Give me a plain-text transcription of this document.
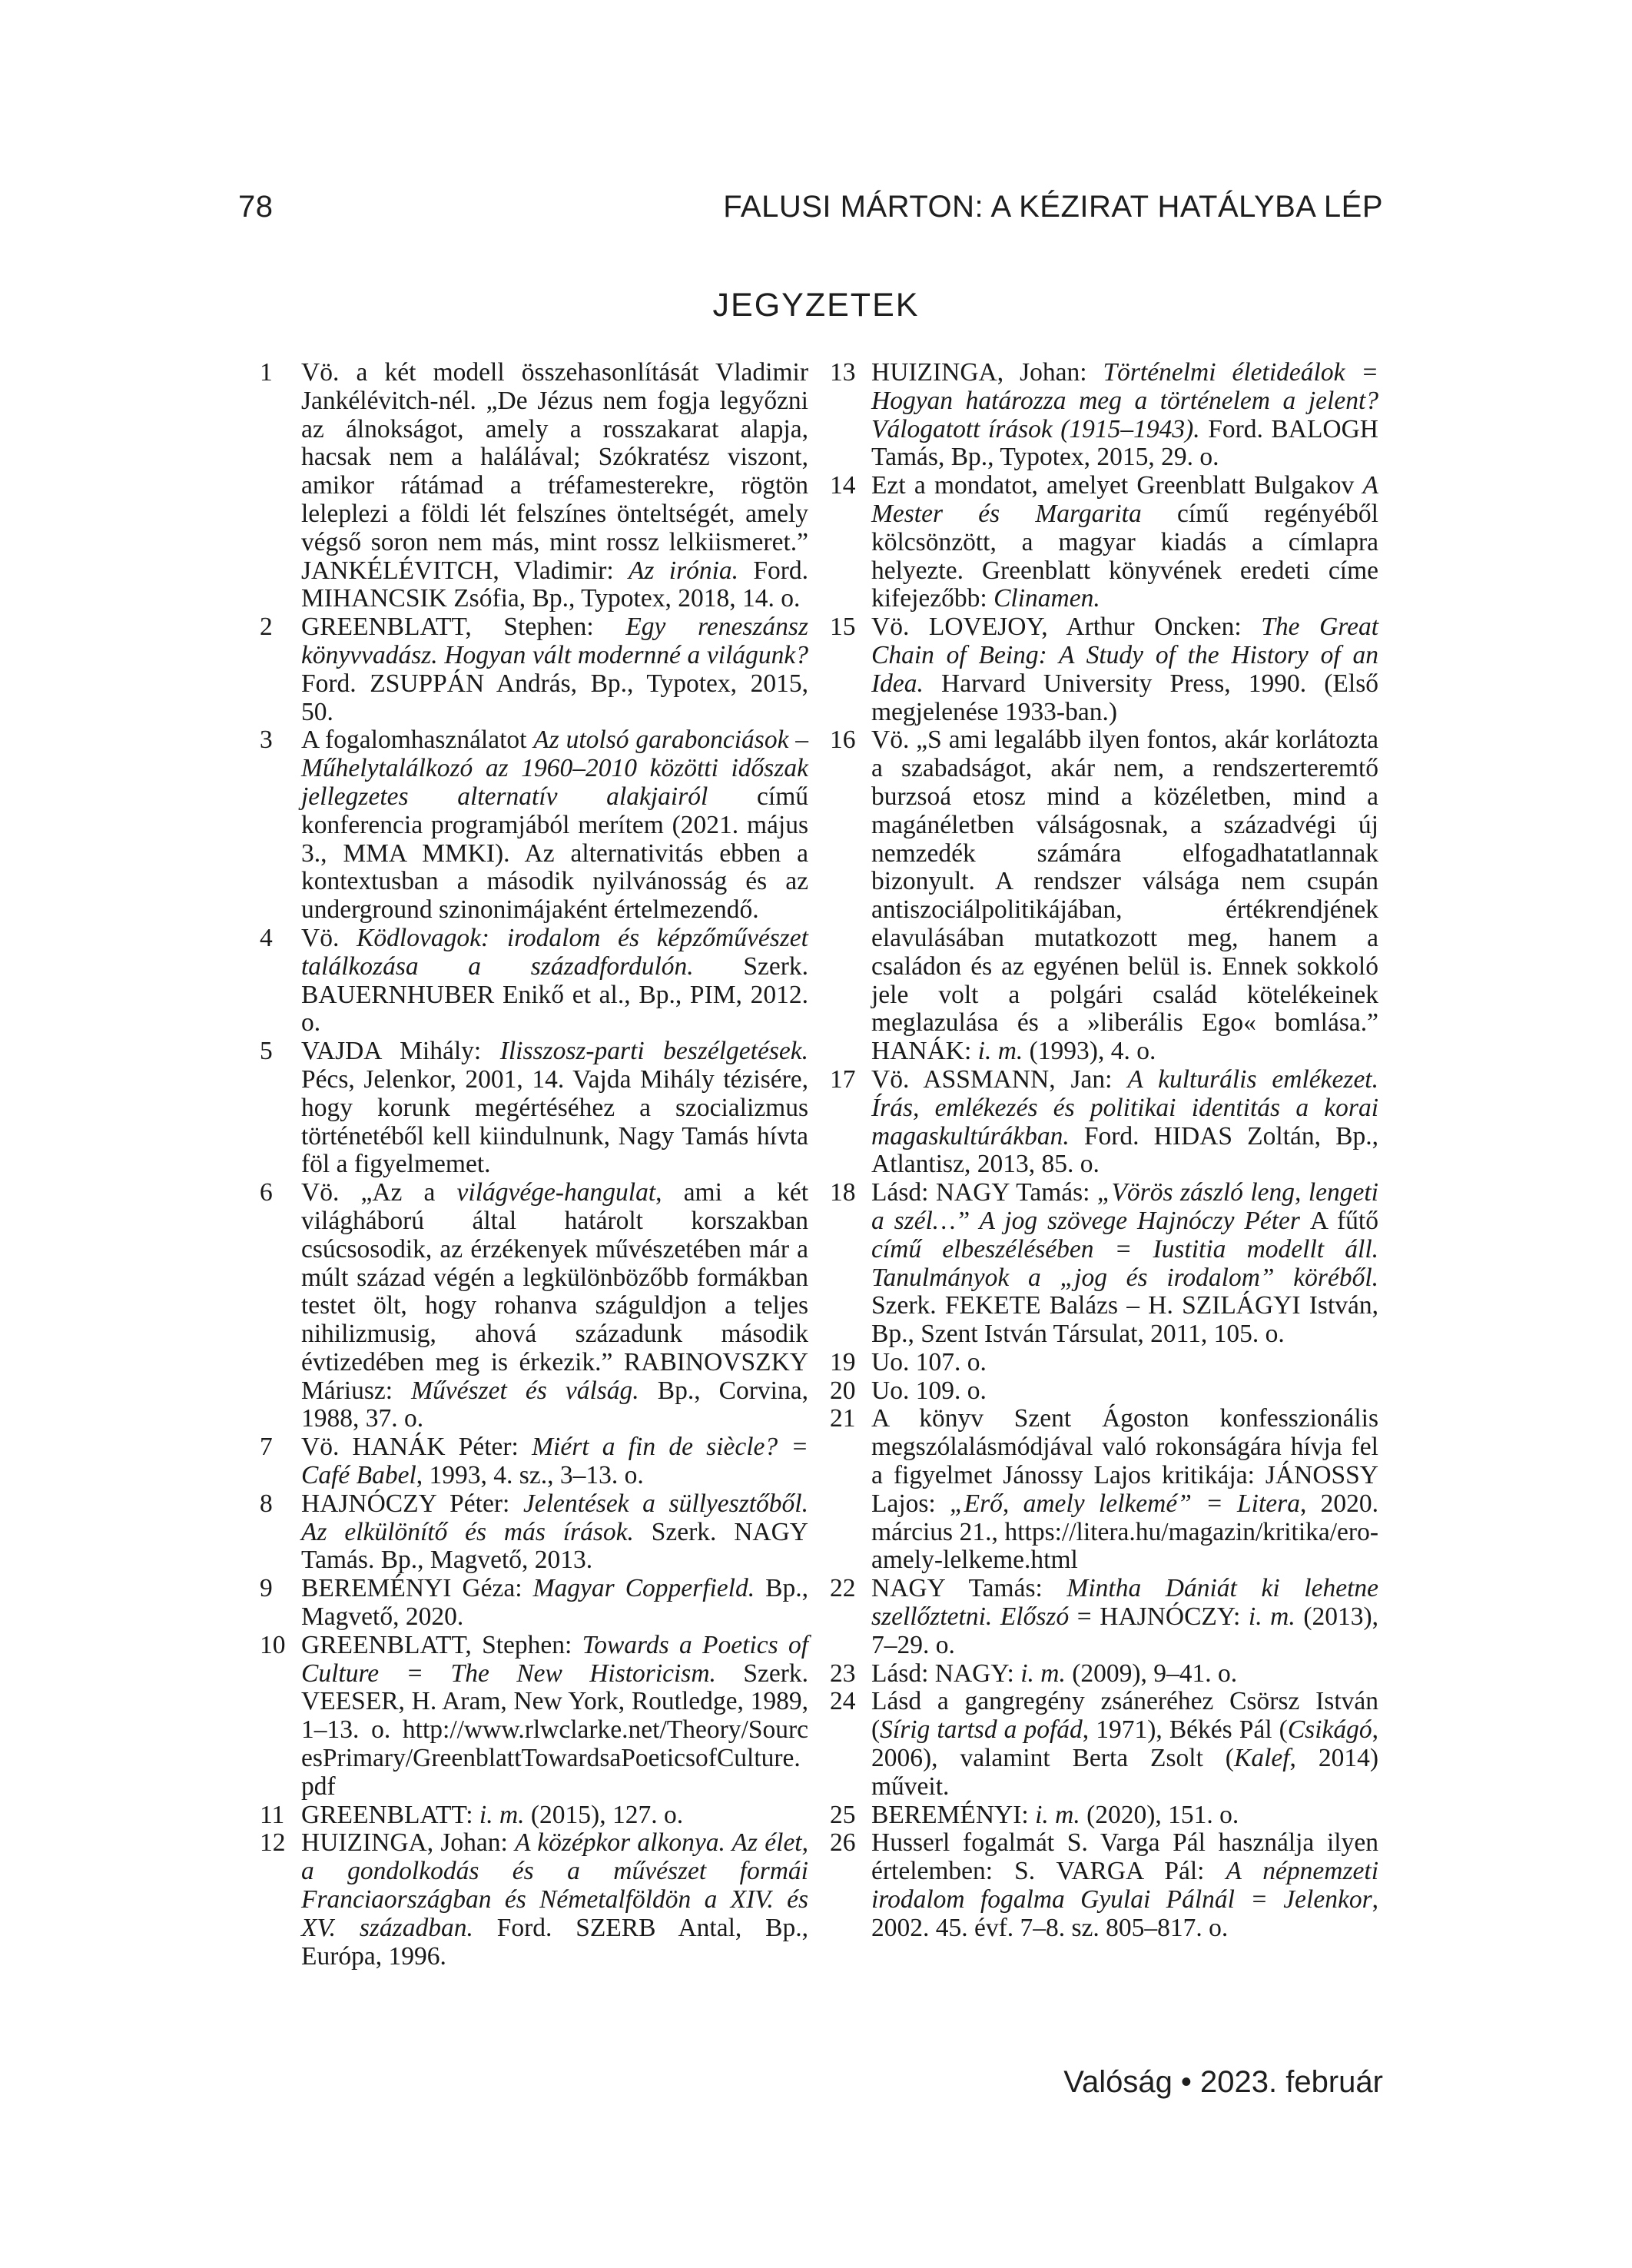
78	FALUSI MÁRTON: A KÉZIRAT HATÁLYBA LÉP
JEGYZETEK
1	Vö. a két modell összehasonlítását Vladimir Jankélévitch-nél. „De Jézus nem fogja legyőzni az álnokságot, amely a rosszakarat alapja, hacsak nem a halálával; Szókratész viszont, amikor rátámad a tréfamesterekre, rögtön leleplezi a földi lét felszínes önteltségét, amely végső soron nem más, mint rossz lelkiismeret.” JANKÉLÉVITCH, Vladimir: Az irónia. Ford. MIHANCSIK Zsófia, Bp., Typotex, 2018, 14. o.

2	GREENBLATT, Stephen: Egy reneszánsz könyvvadász. Hogyan vált modernné a világunk? Ford. ZSUPPÁN András, Bp., Typotex, 2015, 50.

3	A fogalomhasználatot Az utolsó garabonciások – Műhelytalálkozó az 1960–2010 közötti időszak jellegzetes alternatív alakjairól című konferencia programjából merítem (2021. május 3., MMA MMKI). Az alternativitás ebben a kontextusban a második nyilvánosság és az underground szinonimájaként értelmezendő.

4	Vö. Ködlovagok: irodalom és képzőművészet találkozása a századfordulón. Szerk. BAUERNHUBER Enikő et al., Bp., PIM, 2012. o.

5	VAJDA Mihály: Ilisszosz-parti beszélgetések. Pécs, Jelenkor, 2001, 14. Vajda Mihály tézisére, hogy korunk megértéséhez a szocializmus történetéből kell kiindulnunk, Nagy Tamás hívta föl a figyelmemet.

6	Vö. „Az a világvége-hangulat, ami a két világháború által határolt korszakban csúcsosodik, az érzékenyek művészetében már a múlt század végén a legkülönbözőbb formákban testet ölt, hogy rohanva száguldjon a teljes nihilizmusig, ahová századunk második évtizedében meg is érkezik.” RABINOVSZKY Máriusz: Művészet és válság. Bp., Corvina, 1988, 37. o.

7	Vö. HANÁK Péter: Miért a fin de siècle? = Café Babel, 1993, 4. sz., 3–13. o.

8	HAJNÓCZY Péter: Jelentések a süllyesztőből. Az elkülönítő és más írások. Szerk. NAGY Tamás. Bp., Magvető, 2013.

9	BEREMÉNYI Géza: Magyar Copperfield. Bp., Magvető, 2020.

10 GREENBLATT, Stephen: Towards a Poetics of Culture = The New Historicism. Szerk. VEESER, H. Aram, New York, Routledge, 1989, 1–13. o. http://www.rlwclarke.net/Theory/SourcesPrimary/GreenblattTowardsaPoeticsofCulture.pdf

11 GREENBLATT: i. m. (2015), 127. o.

12 HUIZINGA, Johan: A középkor alkonya. Az élet, a gondolkodás és a művészet formái Franciaországban és Németalföldön a XIV. és XV. században. Ford. SZERB Antal, Bp., Európa, 1996.

13 HUIZINGA, Johan: Történelmi életideálok = Hogyan határozza meg a történelem a jelent? Válogatott írások (1915–1943). Ford. BALOGH Tamás, Bp., Typotex, 2015, 29. o.

14 Ezt a mondatot, amelyet Greenblatt Bulgakov A Mester és Margarita című regényéből kölcsönzött, a magyar kiadás a címlapra helyezte. Greenblatt könyvének eredeti címe kifejezőbb: Clinamen.

15 Vö. LOVEJOY, Arthur Oncken: The Great Chain of Being: A Study of the History of an Idea. Harvard University Press, 1990. (Első megjelenése 1933-ban.)

16 Vö. „S ami legalább ilyen fontos, akár korlátozta a szabadságot, akár nem, a rendszerteremtő burzsoá etosz mind a közéletben, mind a magánéletben válságosnak, a századvégi új nemzedék számára elfogadhatatlannak bizonyult. A rendszer válsága nem csupán antiszociálpolitikájában, értékrendjének elavulásában mutatkozott meg, hanem a családon és az egyénen belül is. Ennek sokkoló jele volt a polgári család kötelékeinek meglazulása és a »liberális Ego« bomlása.” HANÁK: i. m. (1993), 4. o.

17 Vö. ASSMANN, Jan: A kulturális emlékezet. Írás, emlékezés és politikai identitás a korai magaskultúrákban. Ford. HIDAS Zoltán, Bp., Atlantisz, 2013, 85. o.

18 Lásd: NAGY Tamás: „Vörös zászló leng, lengeti a szél…” A jog szövege Hajnóczy Péter A fűtő című elbeszélésében = Iustitia modellt áll. Tanulmányok a „jog és irodalom” köréből. Szerk. FEKETE Balázs – H. SZILÁGYI István, Bp., Szent István Társulat, 2011, 105. o.

19 Uo. 107. o.

20 Uo. 109. o.

21 A könyv Szent Ágoston konfesszionális megszólalásmódjával való rokonságára hívja fel a figyelmet Jánossy Lajos kritikája: JÁNOSSY Lajos: „Erő, amely lelkemé” = Litera, 2020. március 21., https://litera.hu/magazin/kritika/ero-amely-lelkeme.html

22 NAGY Tamás: Mintha Dániát ki lehetne szellőztetni. Előszó = HAJNÓCZY: i. m. (2013), 7–29. o.

23 Lásd: NAGY: i. m. (2009), 9–41. o.

24 Lásd a gangregény zsáneréhez Csörsz István (Sírig tartsd a pofád, 1971), Békés Pál (Csikágó, 2006), valamint Berta Zsolt (Kalef, 2014) műveit.

25 BEREMÉNYI: i. m. (2020), 151. o.

26 Husserl fogalmát S. Varga Pál használja ilyen értelemben: S. VARGA Pál: A népnemzeti irodalom fogalma Gyulai Pálnál = Jelenkor, 2002. 45. évf. 7–8. sz. 805–817. o.

Valóság • 2023. február
